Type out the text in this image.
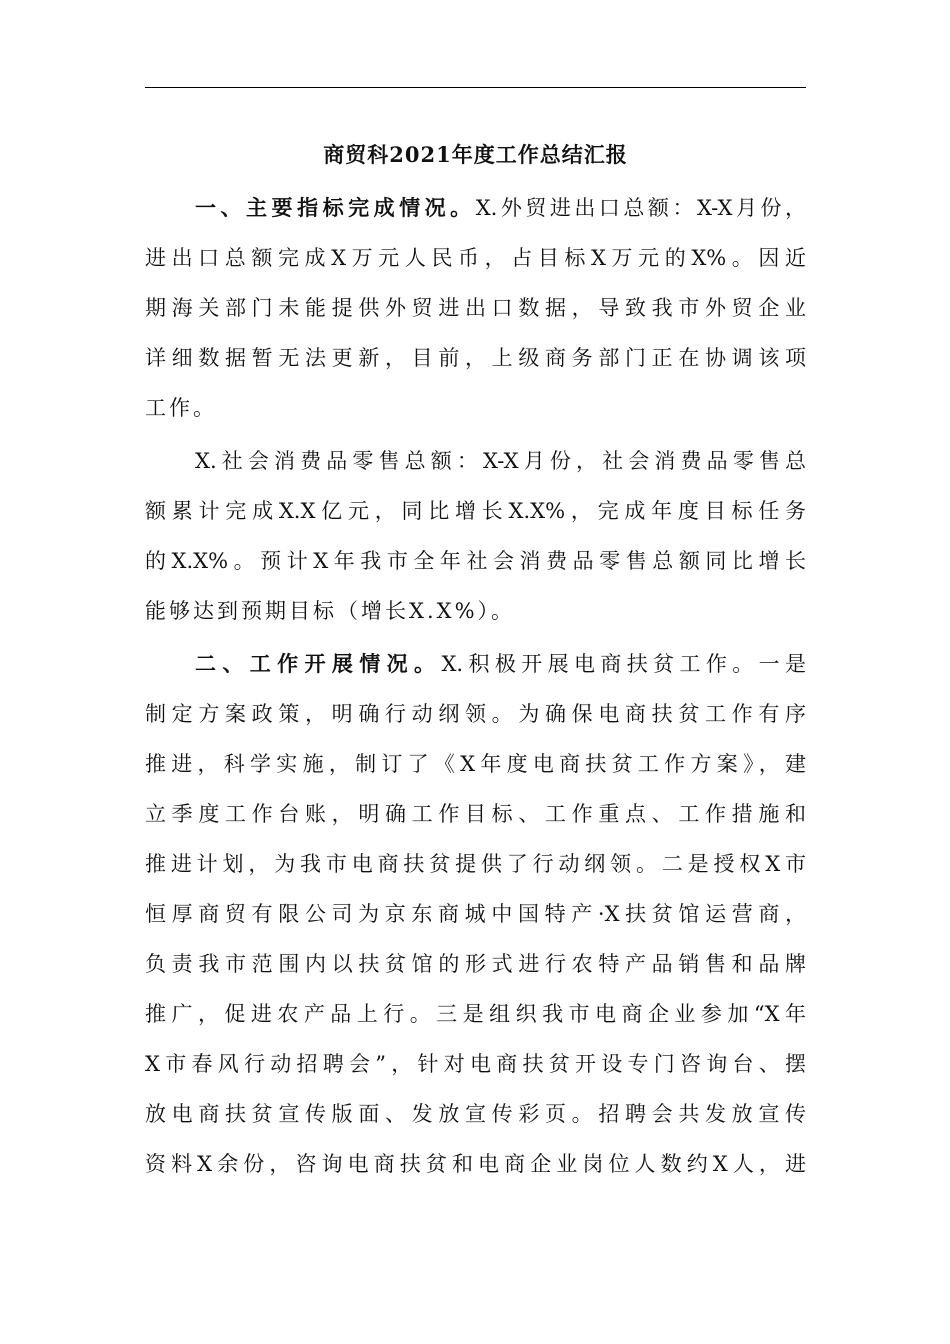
商贸科2021年度工作总结汇报
一、主要指标完成情况。X.外贸进出口总额：X-X月份，
进出口总额完成X万元人民币，占目标X万元的X%。因近
期海关部门未能提供外贸进出口数据，导致我市外贸企业
详细数据暂无法更新，目前，上级商务部门正在协调该项
工作。
X.社会消费品零售总额：X-X月份，社会消费品零售总
额累计完成X.X亿元，同比增长X.X%，完成年度目标任务
的X.X%。预计X年我市全年社会消费品零售总额同比增长
能够达到预期目标（增长X.X%）。
二、工作开展情况。X.积极开展电商扶贫工作。一是
制定方案政策，明确行动纲领。为确保电商扶贫工作有序
推进，科学实施，制订了《X年度电商扶贫工作方案》，建
立季度工作台账，明确工作目标、工作重点、工作措施和
推进计划，为我市电商扶贫提供了行动纲领。二是授权X市
恒厚商贸有限公司为京东商城中国特产·X扶贫馆运营商，
负责我市范围内以扶贫馆的形式进行农特产品销售和品牌
推广，促进农产品上行。三是组织我市电商企业参加“X年
X市春风行动招聘会”，针对电商扶贫开设专门咨询台、摆
放电商扶贫宣传版面、发放宣传彩页。招聘会共发放宣传
资料X余份，咨询电商扶贫和电商企业岗位人数约X人，进
